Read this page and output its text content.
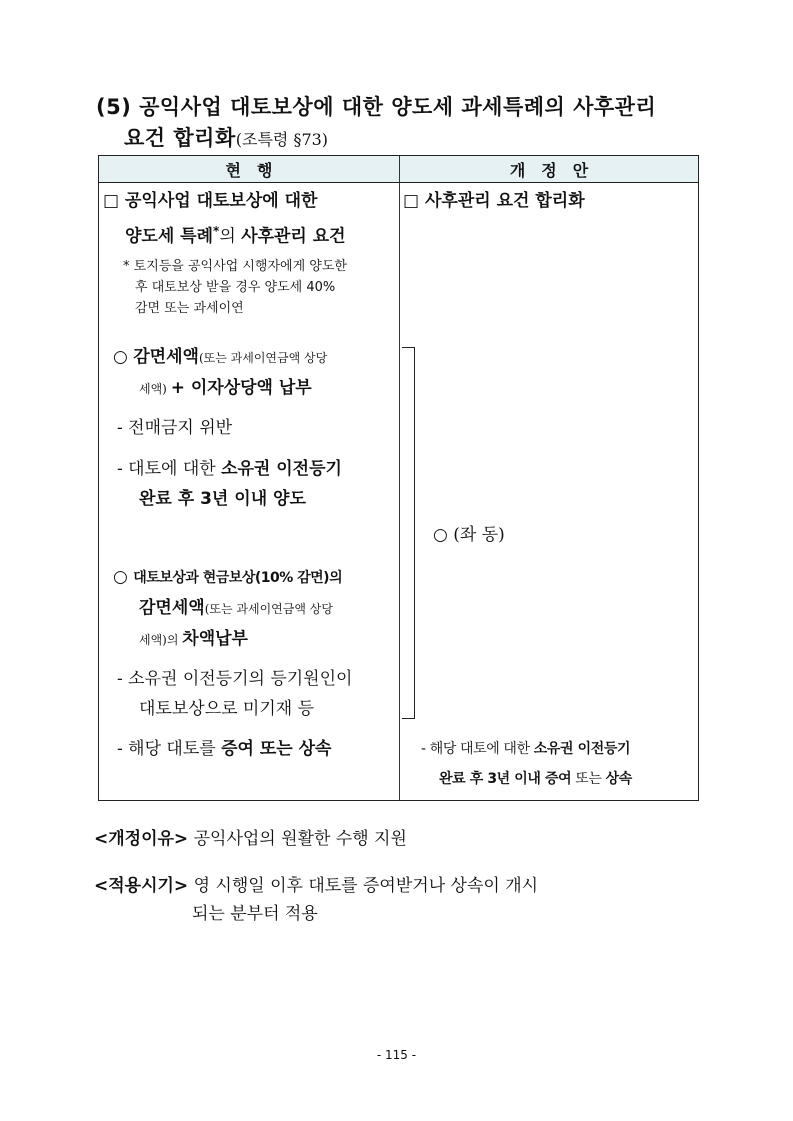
(5) 공익사업 대토보상에 대한 양도세 과세특례의 사후관리
요건 합리화(조특령 §73)
현　행	개　정　안
□ 공익사업 대토보상에 대한
양도세 특례*의 사후관리 요건
* 토지등을 공익사업 시행자에게 양도한
후 대토보상 받을 경우 양도세 40%
감면 또는 과세이연
○ 감면세액(또는 과세이연금액 상당
세액) + 이자상당액 납부
- 전매금지 위반
- 대토에 대한 소유권 이전등기
완료 후 3년 이내 양도
○ 대토보상과 현금보상(10% 감면)의
감면세액(또는 과세이연금액 상당
세액)의 차액납부
- 소유권 이전등기의 등기원인이
대토보상으로 미기재 등
- 해당 대토를 증여 또는 상속
□ 사후관리 요건 합리화
○ (좌 동)
- 해당 대토에 대한 소유권 이전등기
완료 후 3년 이내 증여 또는 상속
<개정이유> 공익사업의 원활한 수행 지원
<적용시기> 영 시행일 이후 대토를 증여받거나 상속이 개시
되는 분부터 적용
- 115 -
